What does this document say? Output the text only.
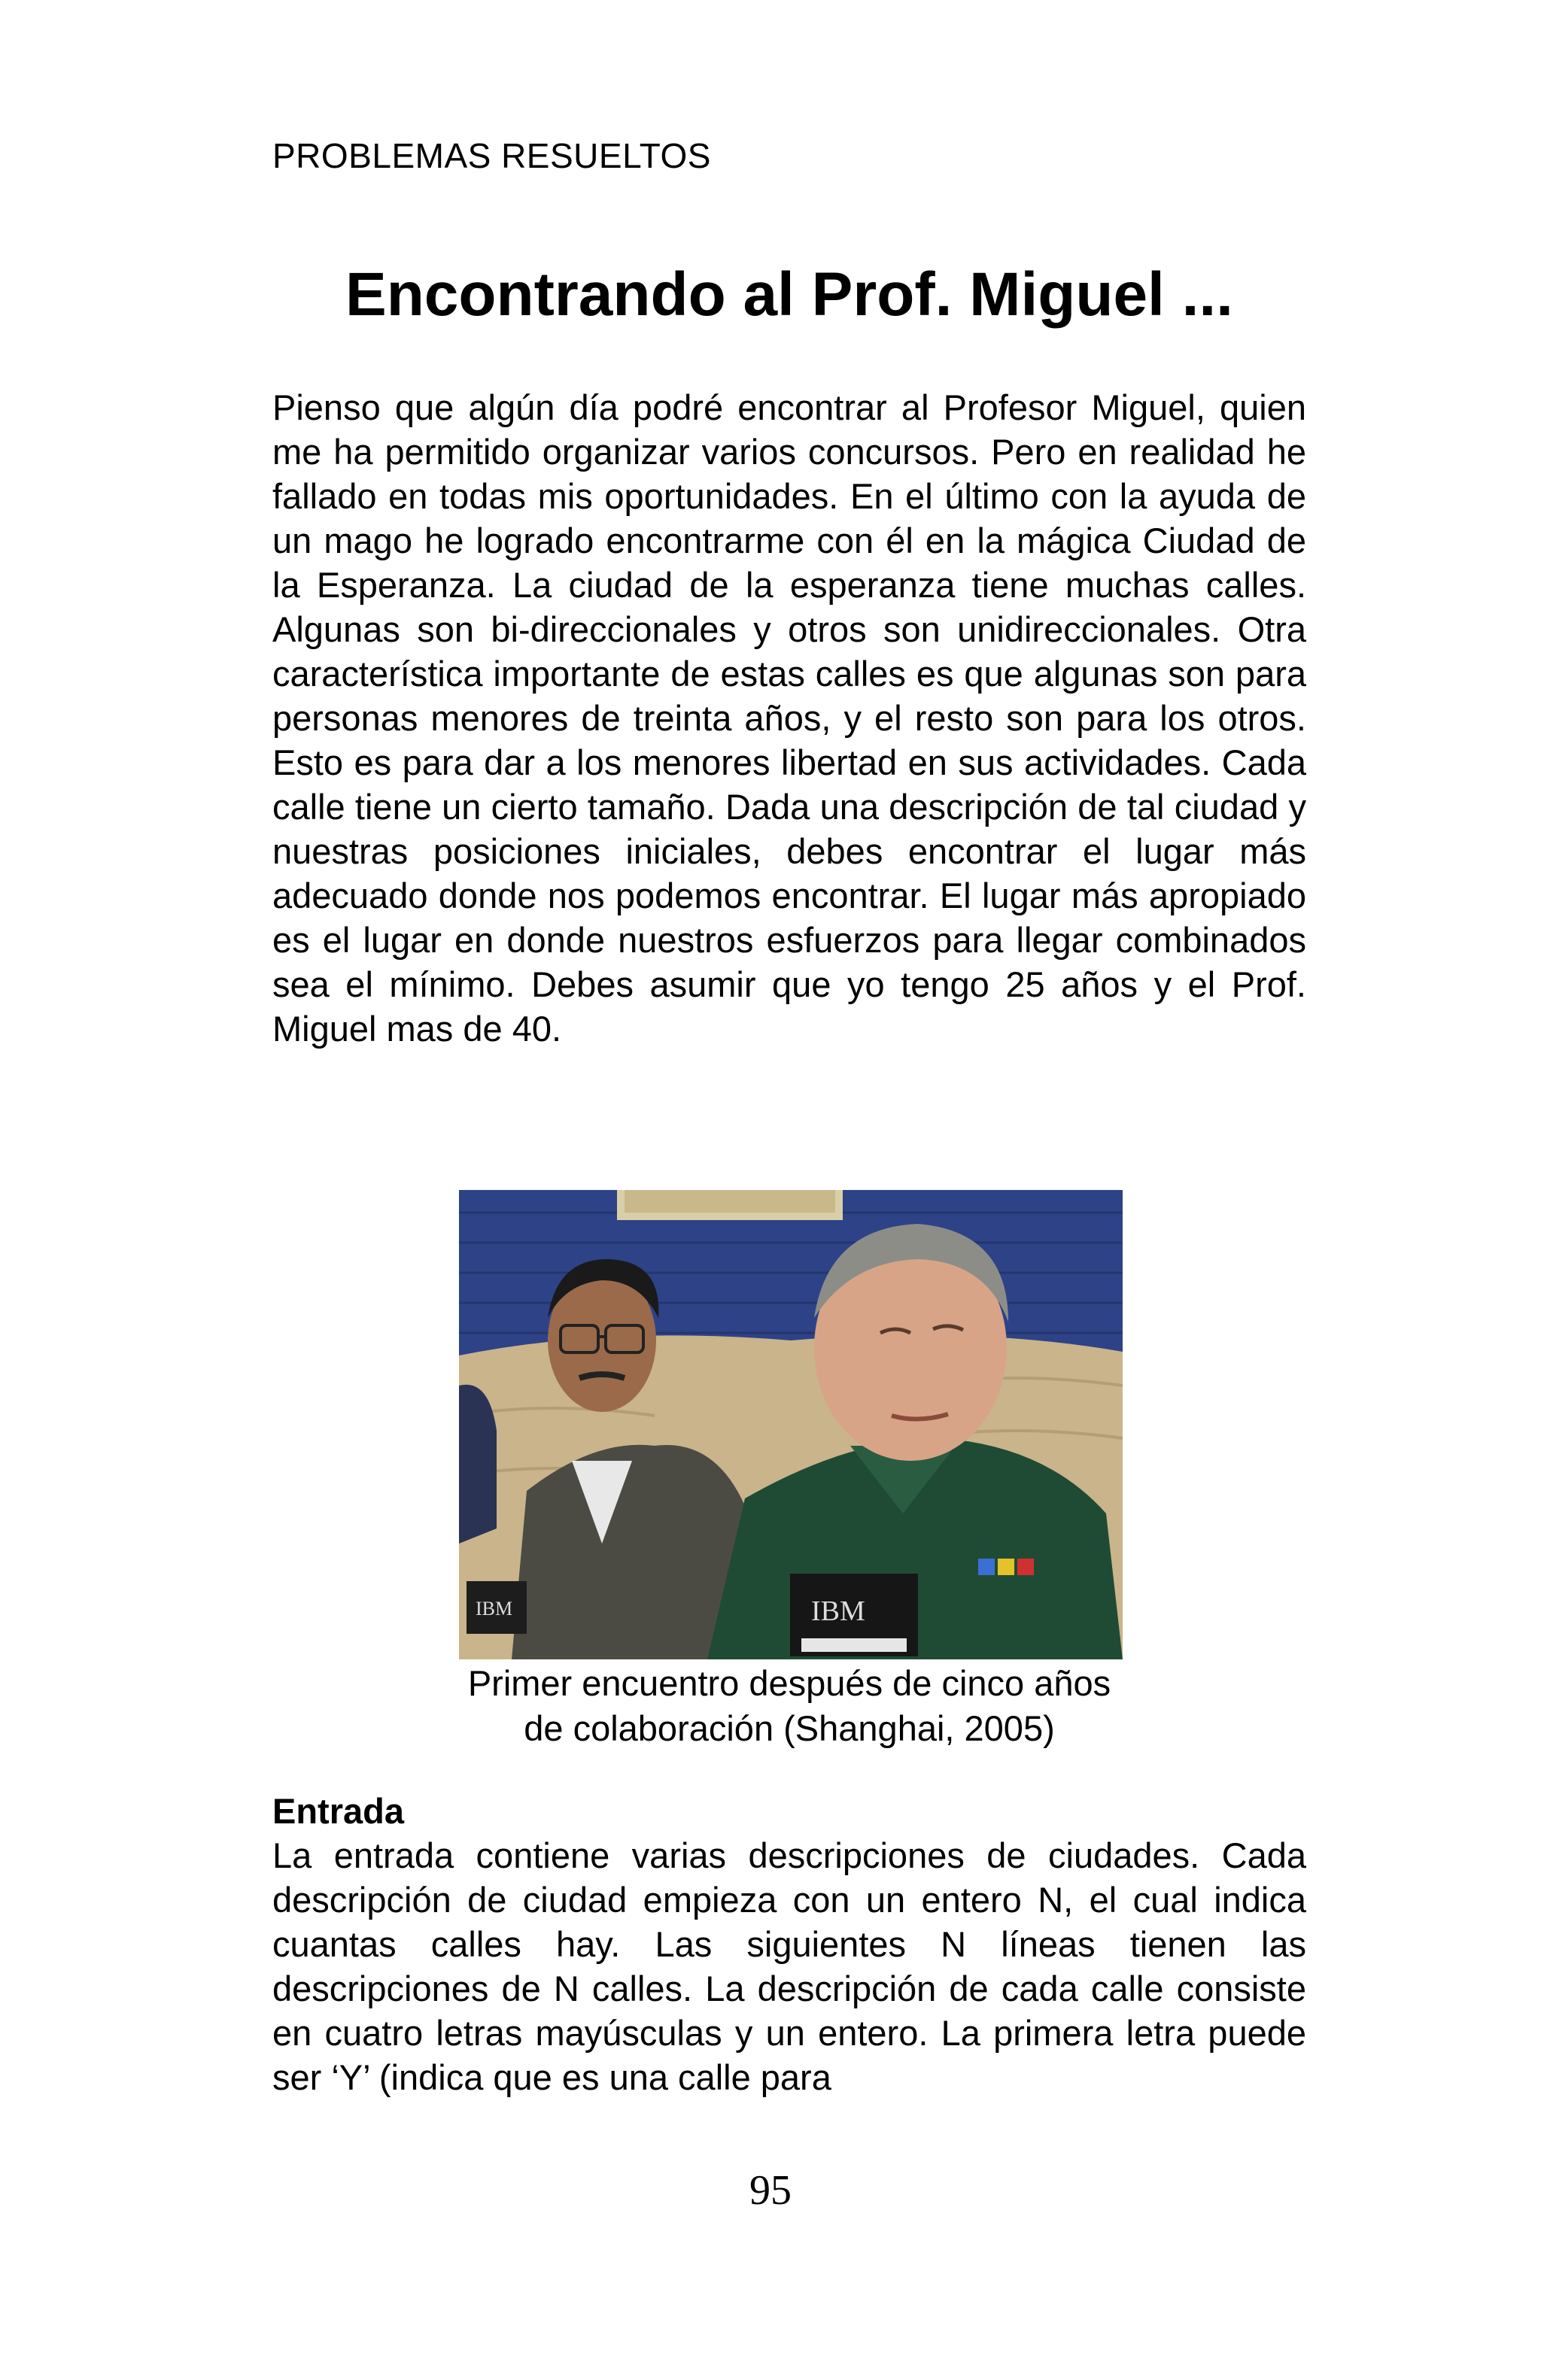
PROBLEMAS RESUELTOS
Encontrando al Prof. Miguel ...

Pienso que algún día podré encontrar al Profesor Miguel, quien me ha permitido organizar varios concursos. Pero en realidad he fallado en todas mis oportunidades. En el último con la ayuda de un mago he logrado encontrarme con él en la mágica Ciudad de la Esperanza. La ciudad de la esperanza tiene muchas calles. Algunas son bi-direccionales y otros son unidireccionales. Otra característica importante de estas calles es que algunas son para personas menores de treinta años, y el resto son para los otros. Esto es para dar a los menores libertad en sus actividades. Cada calle tiene un cierto tamaño. Dada una descripción de tal ciudad y nuestras posiciones iniciales, debes encontrar el lugar más adecuado donde nos podemos encontrar. El lugar más apropiado es el lugar en donde nuestros esfuerzos para llegar combinados sea el mínimo. Debes asumir que yo tengo 25 años y el Prof. Miguel mas de 40.

IBM	IBM
Primer encuentro después de cinco años
de colaboración (Shanghai, 2005)
Entrada

La entrada contiene varias descripciones de ciudades. Cada descripción de ciudad empieza con un entero N, el cual indica cuantas calles hay. Las siguientes N líneas tienen las descripciones de N calles. La descripción de cada calle consiste en cuatro letras mayúsculas y un entero. La primera letra puede ser ‘Y’ (indica que es una calle para

95
